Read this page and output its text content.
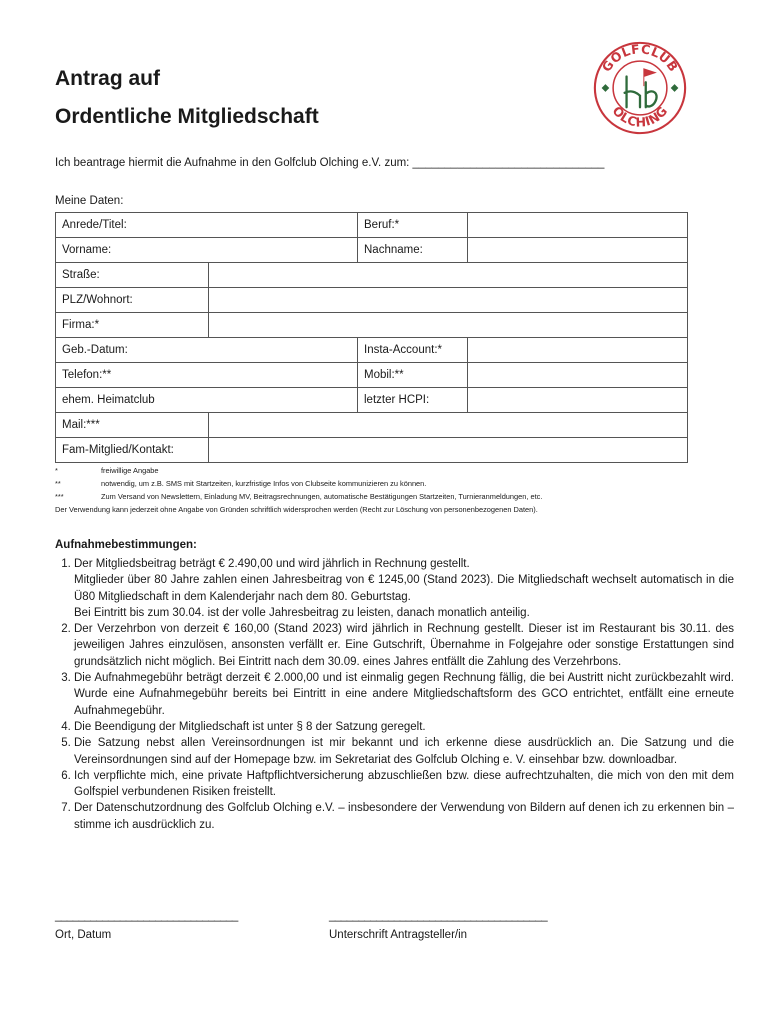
Antrag auf
Ordentliche Mitgliedschaft
GOLFCLUB
OLCHING
Ich beantrage hiermit die Aufnahme in den Golfclub Olching e.V. zum: ______________________________
Meine Daten:
Anrede/Titel:		Beruf:*	
Vorname:		Nachname:	
Straße:			
PLZ/Wohnort:			
Firma:*			
Geb.-Datum:		Insta-Account:*	
Telefon:**		Mobil:**	
ehem. Heimatclub		letzter HCPI:	
Mail:***			
Fam-Mitglied/Kontakt:			
*	freiwillige Angabe
**	notwendig, um z.B. SMS mit Startzeiten, kurzfristige Infos von Clubseite kommunizieren zu können.
***	Zum Versand von Newslettern, Einladung MV, Beitragsrechnungen, automatische Bestätigungen Startzeiten, Turnieranmeldungen, etc.
Der Verwendung kann jederzeit ohne Angabe von Gründen schriftlich widersprochen werden (Recht zur Löschung von personenbezogenen Daten).
Aufnahmebestimmungen:
1. Der Mitgliedsbeitrag beträgt € 2.490,00 und wird jährlich in Rechnung gestellt.
Mitglieder über 80 Jahre zahlen einen Jahresbeitrag von € 1245,00 (Stand 2023). Die Mitgliedschaft wechselt automatisch in die Ü80 Mitgliedschaft in dem Kalenderjahr nach dem 80. Geburtstag.
Bei Eintritt bis zum 30.04. ist der volle Jahresbeitrag zu leisten, danach monatlich anteilig.
2. Der Verzehrbon von derzeit € 160,00 (Stand 2023) wird jährlich in Rechnung gestellt. Dieser ist im Restaurant bis 30.11. des jeweiligen Jahres einzulösen, ansonsten verfällt er. Eine Gutschrift, Übernahme in Folgejahre oder sonstige Erstattungen sind grundsätzlich nicht möglich. Bei Eintritt nach dem 30.09. eines Jahres entfällt die Zahlung des Verzehrbons.
3. Die Aufnahmegebühr beträgt derzeit € 2.000,00 und ist einmalig gegen Rechnung fällig, die bei Austritt nicht zurückbezahlt wird. Wurde eine Aufnahmegebühr bereits bei Eintritt in eine andere Mitgliedschaftsform des GCO entrichtet, entfällt eine erneute Aufnahmegebühr.
4. Die Beendigung der Mitgliedschaft ist unter § 8 der Satzung geregelt.
5. Die Satzung nebst allen Vereinsordnungen ist mir bekannt und ich erkenne diese ausdrücklich an. Die Satzung und die Vereinsordnungen sind auf der Homepage bzw. im Sekretariat des Golfclub Olching e. V. einsehbar bzw. downloadbar.
6. Ich verpflichte mich, eine private Haftpflichtversicherung abzuschließen bzw. diese aufrechtzuhalten, die mich von den mit dem Golfspiel verbundenen Risiken freistellt.
7. Der Datenschutzordnung des Golfclub Olching e.V. – insbesondere der Verwendung von Bildern auf denen ich zu erkennen bin – stimme ich ausdrücklich zu.
_______________________________	_____________________________________
Ort, Datum	Unterschrift Antragsteller/in
